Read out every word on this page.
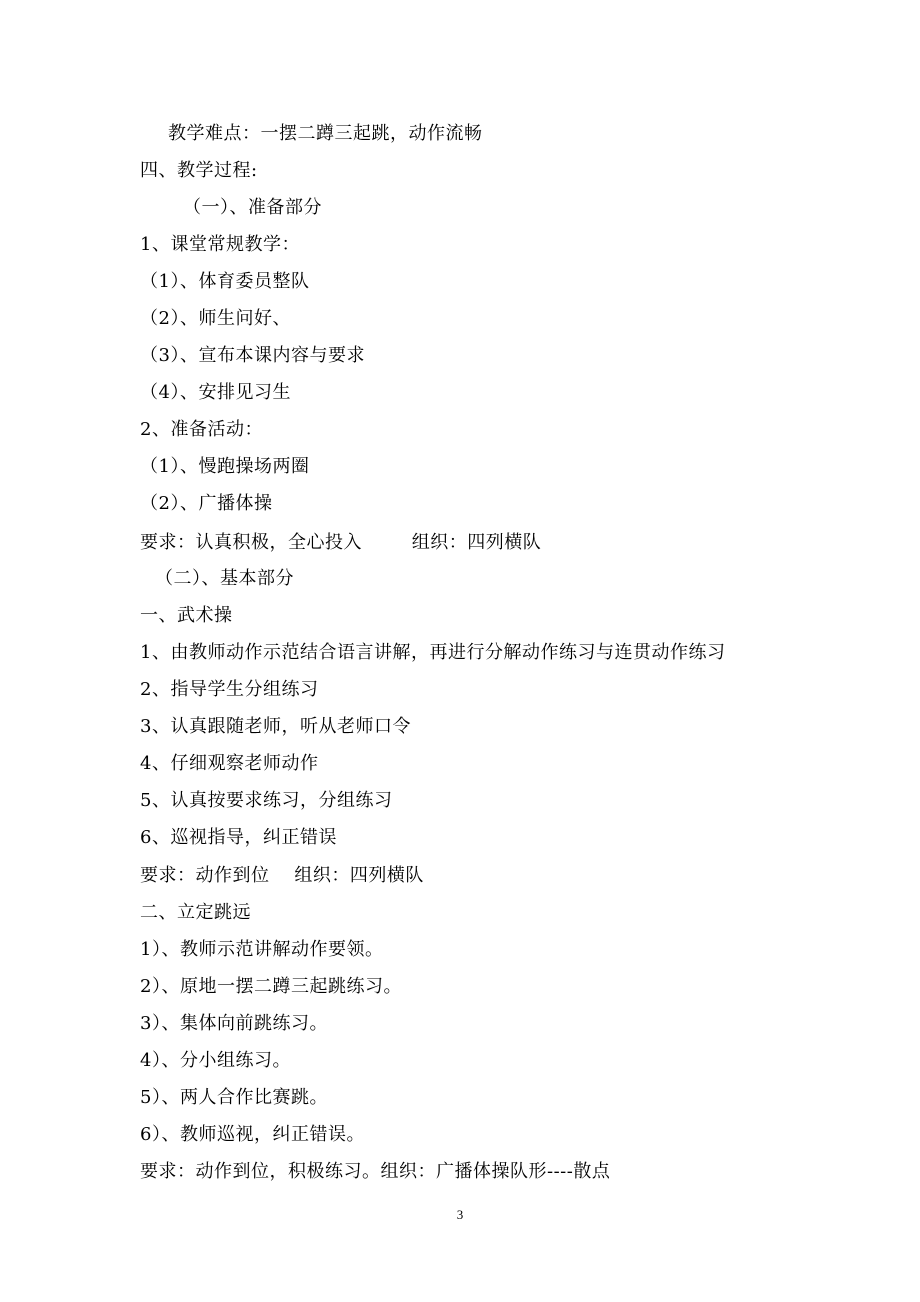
教学难点：一摆二蹲三起跳，动作流畅
四、教学过程:
（一）、准备部分
1、课堂常规教学：
（1）、体育委员整队
（2）、师生问好、
（3）、宣布本课内容与要求
（4）、安排见习生
2、准备活动：
（1）、慢跑操场两圈
（2）、广播体操
要求：认真积极，全心投入        组织：四列横队
（二）、基本部分
一、武术操
1、由教师动作示范结合语言讲解，再进行分解动作练习与连贯动作练习
2、指导学生分组练习
3、认真跟随老师，听从老师口令
4、仔细观察老师动作
5、认真按要求练习，分组练习
6、巡视指导，纠正错误
要求：动作到位    组织：四列横队
二、立定跳远
1）、教师示范讲解动作要领。
2）、原地一摆二蹲三起跳练习。
3）、集体向前跳练习。
4）、分小组练习。
5）、两人合作比赛跳。
6）、教师巡视，纠正错误。
要求：动作到位，积极练习。组织：广播体操队形----散点
3
